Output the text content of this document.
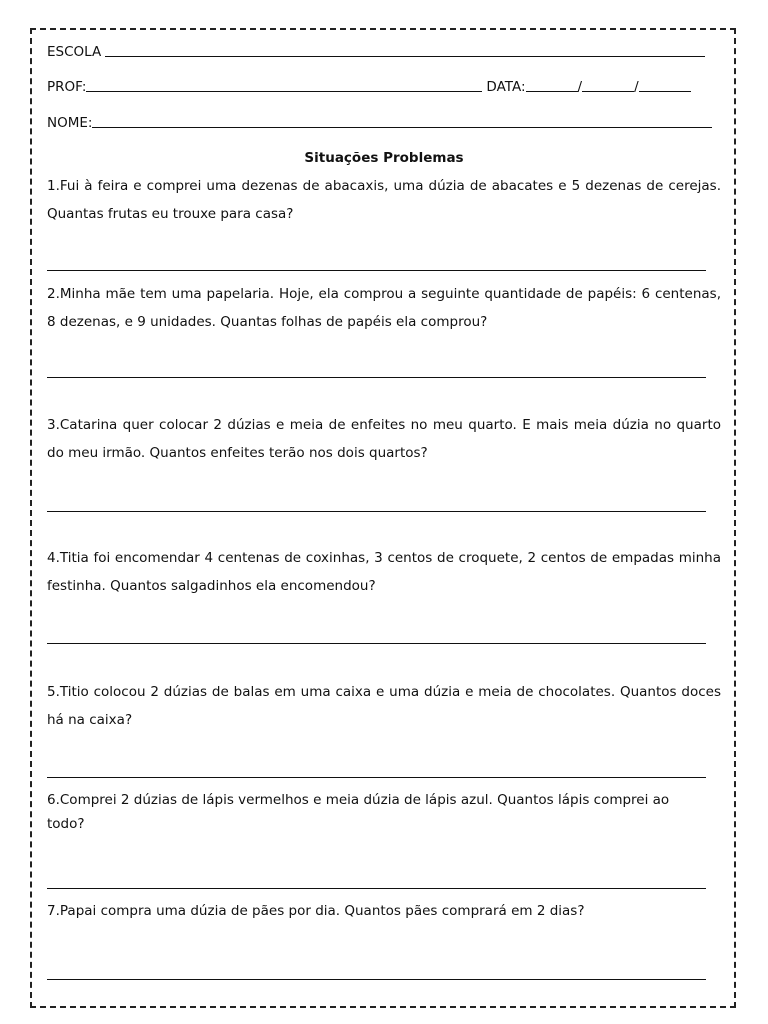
ESCOLA
PROF:	DATA:	/	/
NOME:
Situações Problemas
1.Fui à feira e comprei uma dezenas de abacaxis, uma dúzia de abacates e 5 dezenas de cerejas. Quantas frutas eu trouxe para casa?
2.Minha mãe tem uma papelaria. Hoje, ela comprou a seguinte quantidade de papéis: 6 centenas, 8 dezenas, e 9 unidades. Quantas folhas de papéis ela comprou?
3.Catarina quer colocar 2 dúzias e meia de enfeites no meu quarto. E mais meia dúzia no quarto do meu irmão. Quantos enfeites terão nos dois quartos?
4.Titia foi encomendar 4 centenas de coxinhas, 3 centos de croquete, 2 centos de empadas minha festinha. Quantos salgadinhos ela encomendou?
5.Titio colocou 2 dúzias de balas em uma caixa e uma dúzia e meia de chocolates. Quantos doces há na caixa?
6.Comprei 2 dúzias de lápis vermelhos e meia dúzia de lápis azul. Quantos lápis comprei ao todo?
7.Papai compra uma dúzia de pães por dia. Quantos pães comprará em 2 dias?
